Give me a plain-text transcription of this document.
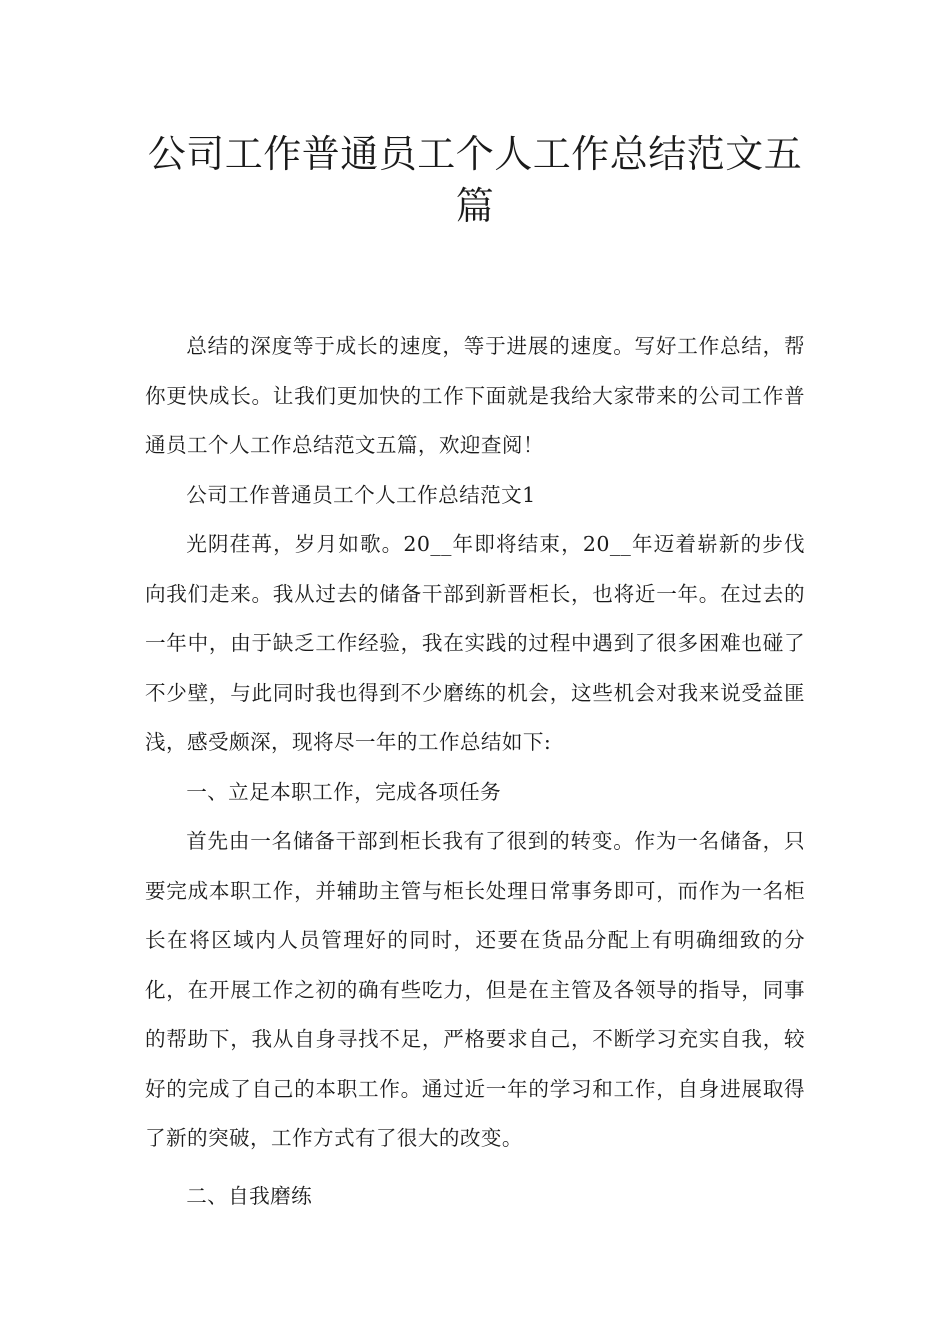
公司工作普通员工个人工作总结范文五篇

总结的深度等于成长的速度，等于进展的速度。写好工作总结，帮你更快成长。让我们更加快的工作下面就是我给大家带来的公司工作普通员工个人工作总结范文五篇，欢迎查阅！

公司工作普通员工个人工作总结范文1

光阴荏苒，岁月如歌。20__年即将结束，20__年迈着崭新的步伐向我们走来。我从过去的储备干部到新晋柜长，也将近一年。在过去的一年中，由于缺乏工作经验，我在实践的过程中遇到了很多困难也碰了不少壁，与此同时我也得到不少磨练的机会，这些机会对我来说受益匪浅，感受颇深，现将尽一年的工作总结如下:

一、立足本职工作，完成各项任务

首先由一名储备干部到柜长我有了很到的转变。作为一名储备，只要完成本职工作，并辅助主管与柜长处理日常事务即可，而作为一名柜长在将区域内人员管理好的同时，还要在货品分配上有明确细致的分化，在开展工作之初的确有些吃力，但是在主管及各领导的指导，同事的帮助下，我从自身寻找不足，严格要求自己，不断学习充实自我，较好的完成了自己的本职工作。通过近一年的学习和工作，自身进展取得了新的突破，工作方式有了很大的改变。

二、自我磨练
